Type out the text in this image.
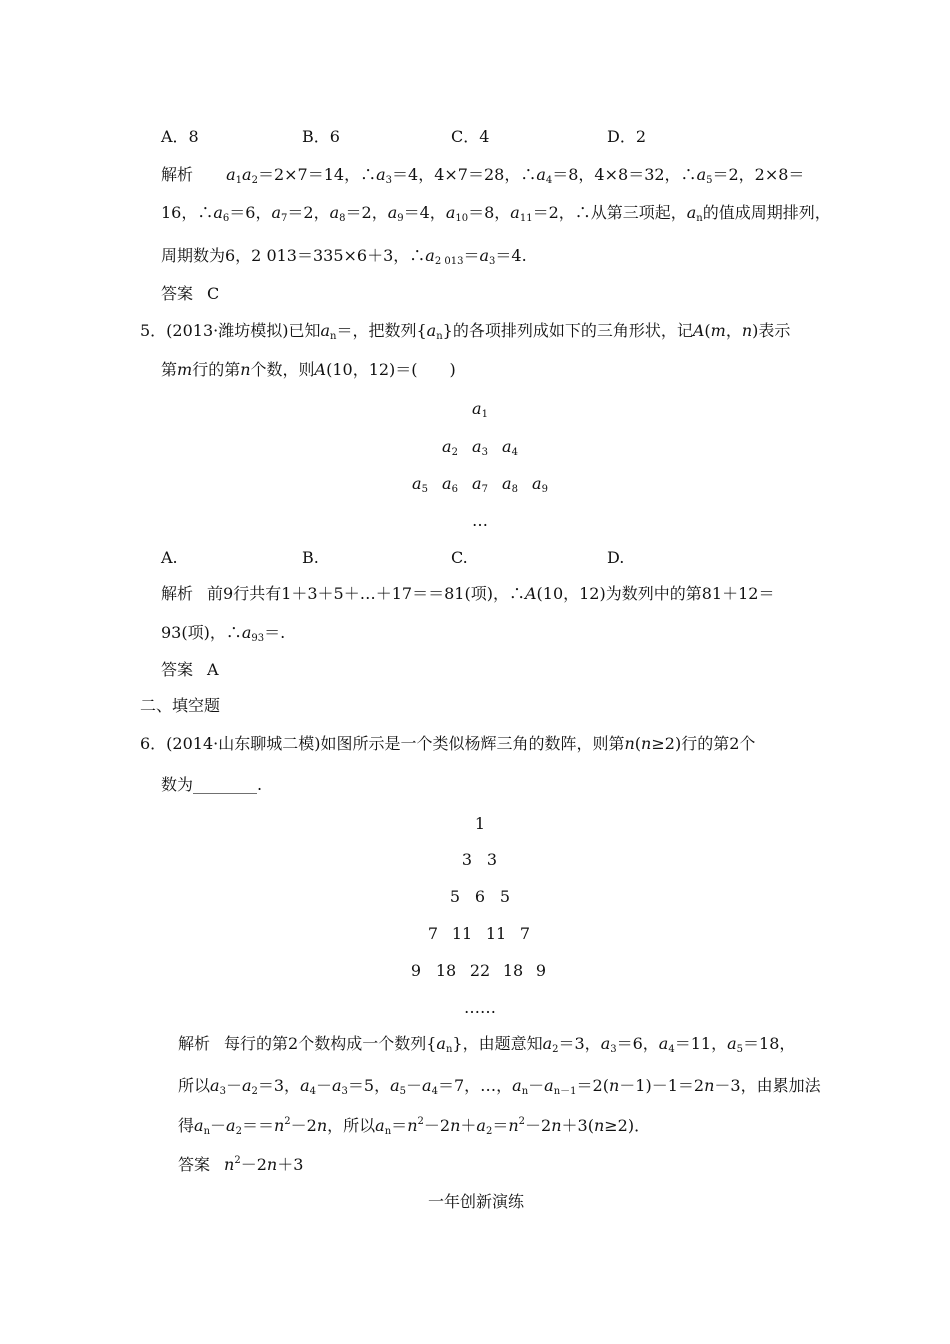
A．8	B．6	C．4	D．2
解析 $a_1a_2=2\times 7=14$，$\therefore a_3=4$，4×7＝28，$\therefore a_4=8$，4×8＝32，$\therefore a_5=2$，2×8＝
16，$\therefore a_6=6$，$a_7=2$，$a_8=2$，$a_9=4$，$a_{10}=8$，$a_{11}=2$，∴从第三项起，$a_n$的值成周期排列，
周期数为6，2 013＝335×6＋3，$\therefore a_{2 013}=a_3=4$.
答案 C
5．(2013·潍坊模拟)已知$a_n=$，把数列$\{a_n\}$的各项排列成如下的三角形状，记A(m，n)表示
第m行的第n个数，则A(10，12)＝(　　)
$a_1$
$a_2$ $a_3$ $a_4$
$a_5$ $a_6$ $a_7$ $a_8$ $a_9$
…
A.	B.	C.	D.
解析 前9行共有1＋3＋5＋…＋17＝＝81(项)，∴A(10，12)为数列中的第81＋12＝
93(项)，$\therefore a_{93}=$.
答案 A
二、填空题
6．(2014·山东聊城二模)如图所示是一个类似杨辉三角的数阵，则第n(n≥2)行的第2个
数为________.
1
3 3
5 6 5
7 11 11 7
9 18 22 18 9
……
解析 每行的第2个数构成一个数列$\{a_n\}$，由题意知$a_2=3$，$a_3=6$，$a_4=11$，$a_5=18$，
所以$a_3-a_2=3$，$a_4-a_3=5$，$a_5-a_4=7$，…，$a_n-a_{n-1}=2(n-1)-1=2n-3$，由累加法
得$a_n-a_2==n^2-2n$，所以$a_n=n^2-2n+a_2=n^2-2n+3(n\ge 2)$．
答案 $n^2-2n+3$
一年创新演练
